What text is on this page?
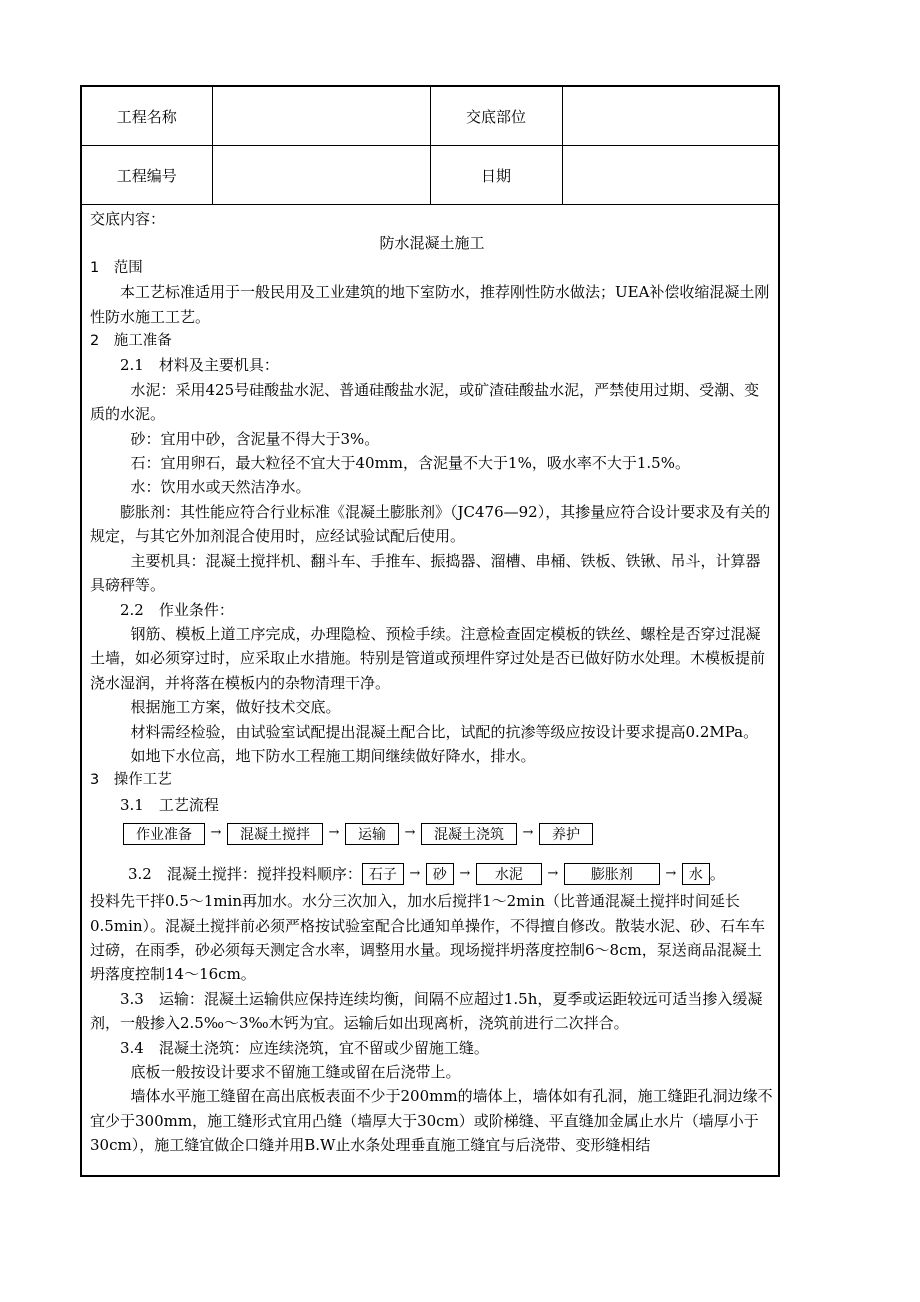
工程名称		交底部位	
工程编号		日期	

交底内容：

防水混凝土施工

1　范围

本工艺标准适用于一般民用及工业建筑的地下室防水，推荐刚性防水做法；UEA补偿收缩混凝土刚性防水施工工艺。

2　施工准备

2.1　材料及主要机具：

水泥：采用425号硅酸盐水泥、普通硅酸盐水泥，或矿渣硅酸盐水泥，严禁使用过期、受潮、变质的水泥。

砂：宜用中砂，含泥量不得大于3%。

石：宜用卵石，最大粒径不宜大于40mm，含泥量不大于1%，吸水率不大于1.5%。

水：饮用水或天然洁净水。

膨胀剂：其性能应符合行业标准《混凝土膨胀剂》（JC476—92），其掺量应符合设计要求及有关的规定，与其它外加剂混合使用时，应经试验试配后使用。

主要机具：混凝土搅拌机、翻斗车、手推车、振捣器、溜槽、串桶、铁板、铁锹、吊斗，计算器具磅秤等。

2.2　作业条件：

钢筋、模板上道工序完成，办理隐检、预检手续。注意检查固定模板的铁丝、螺栓是否穿过混凝土墙，如必须穿过时，应采取止水措施。特别是管道或预埋件穿过处是否已做好防水处理。木模板提前浇水湿润，并将落在模板内的杂物清理干净。

根据施工方案，做好技术交底。

材料需经检验，由试验室试配提出混凝土配合比，试配的抗渗等级应按设计要求提高0.2MPa。

如地下水位高，地下防水工程施工期间继续做好降水，排水。

3　操作工艺

3.1　工艺流程

作业准备	→	混凝土搅拌	→	运输	→	混凝土浇筑	→	养护
3.2　混凝土搅拌：搅拌投料顺序： 石子 → 砂 →	水泥	→	膨胀剂	→ 水 。

投料先干拌0.5～1min再加水。水分三次加入，加水后搅拌1～2min（比普通混凝土搅拌时间延长0.5min）。混凝土搅拌前必须严格按试验室配合比通知单操作，不得擅自修改。散装水泥、砂、石车车过磅，在雨季，砂必须每天测定含水率，调整用水量。现场搅拌坍落度控制6～8cm，泵送商品混凝土坍落度控制14～16cm。

3.3　运输：混凝土运输供应保持连续均衡，间隔不应超过1.5h，夏季或运距较远可适当掺入缓凝剂，一般掺入2.5‰～3‰木钙为宜。运输后如出现离析，浇筑前进行二次拌合。

3.4　混凝土浇筑：应连续浇筑，宜不留或少留施工缝。

底板一般按设计要求不留施工缝或留在后浇带上。

墙体水平施工缝留在高出底板表面不少于200mm的墙体上，墙体如有孔洞，施工缝距孔洞边缘不宜少于300mm，施工缝形式宜用凸缝（墙厚大于30cm）或阶梯缝、平直缝加金属止水片（墙厚小于30cm），施工缝宜做企口缝并用B.W止水条处理垂直施工缝宜与后浇带、变形缝相结
